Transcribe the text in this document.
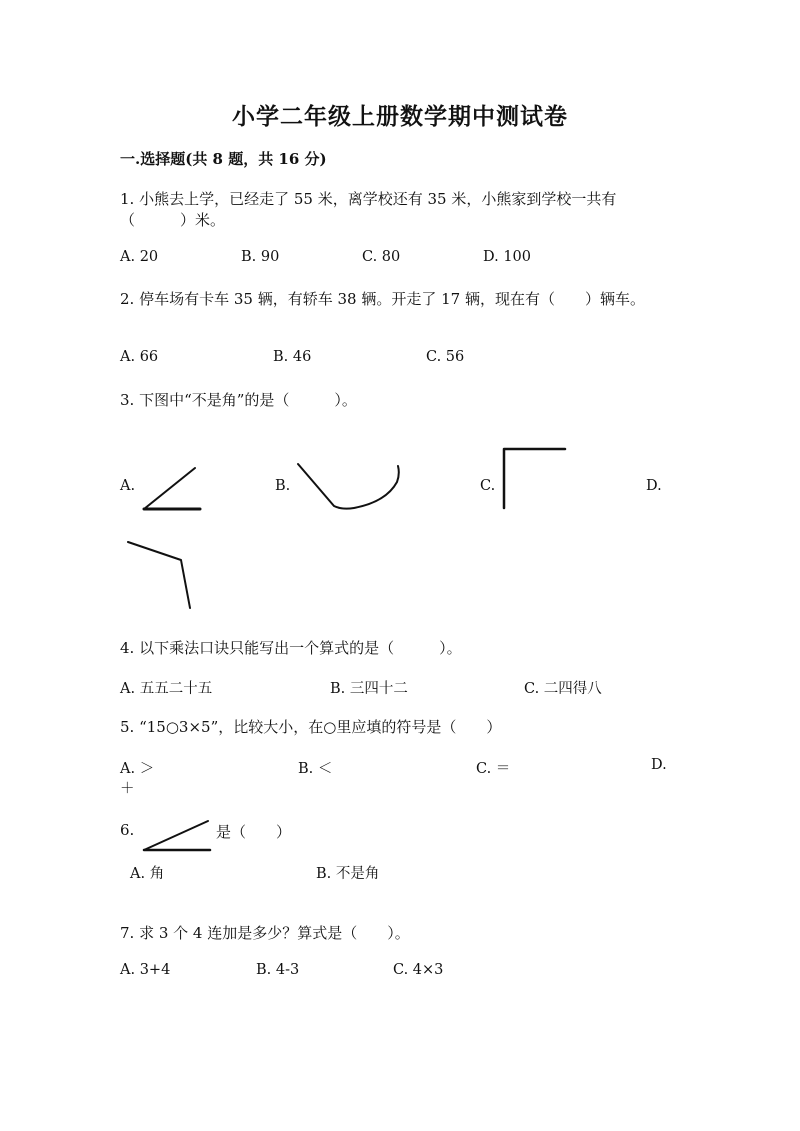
小学二年级上册数学期中测试卷
一.选择题(共 8 题，共 16 分)
1. 小熊去上学，已经走了 55 米，离学校还有 35 米，小熊家到学校一共有
（　　　）米。
A. 20	B. 90	C. 80	D. 100
2. 停车场有卡车 35 辆，有轿车 38 辆。开走了 17 辆，现在有（　　）辆车。
A. 66	B. 46	C. 56
3. 下图中“不是角”的是（　　　）。
A.	B.	C.	D.
4. 以下乘法口诀只能写出一个算式的是（　　　）。
A. 五五二十五	B. 三四十二	C. 二四得八
5. “15○3×5”，比较大小，在○里应填的符号是（　　）
A. ＞	B. ＜	C. ＝	D.
＋
6.	是（　　）
A. 角	B. 不是角
7. 求 3 个 4 连加是多少？算式是（　　）。
A. 3+4	B. 4-3	C. 4×3
